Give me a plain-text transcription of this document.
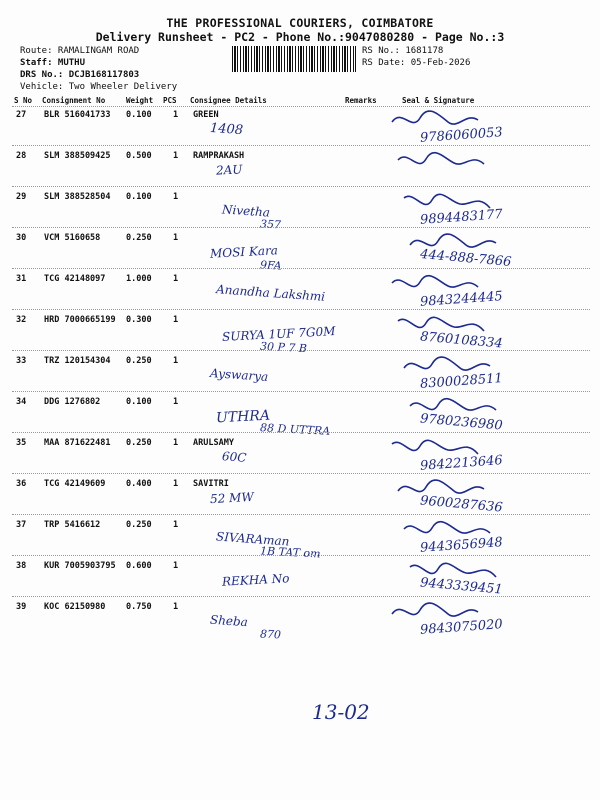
THE PROFESSIONAL COURIERS, COIMBATORE
Delivery Runsheet - PC2 - Phone No.:9047080280 - Page No.:3
Route: RAMALINGAM ROAD
Staff: MUTHU
DRS No.: DCJB168117803
Vehicle: Two Wheeler Delivery
RS No.: 1681178
RS Date: 05-Feb-2026
S No Consignment No	Weight PCS Consignee Details	Remarks	Seal & Signature
27 BLR 516041733 0.100	1 GREEN
1408	9786060053
28 SLM 388509425 0.500	1 RAMPRAKASH
2AU
29 SLM 388528504 0.100	1
Nivetha
357	9894483177
30 VCM 5160658	0.250	1
MOSI Kara
9FA	444-888-7866
31 TCG 42148097 1.000	1
Anandha Lakshmi	9843244445
32 HRD 7000665199 0.300	1
SURYA 1UF 7G0M
30 P 7 B	8760108334
33 TRZ 120154304 0.250	1
Ayswarya	8300028511
34 DDG 1276802	0.100	1
UTHRA
88 D UTTRA	9780236980
35 MAA 871622481 0.250	1 ARULSAMY
60C	9842213646
36 TCG 42149609 0.400	1 SAVITRI
52 MW	9600287636
37 TRP 5416612	0.250	1
SIVARAman
1B TAT om	9443656948
38 KUR 7005903795 0.600	1
REKHA No	9443339451
39 KOC 62150980 0.750	1
Sheba
870	9843075020
13-02
